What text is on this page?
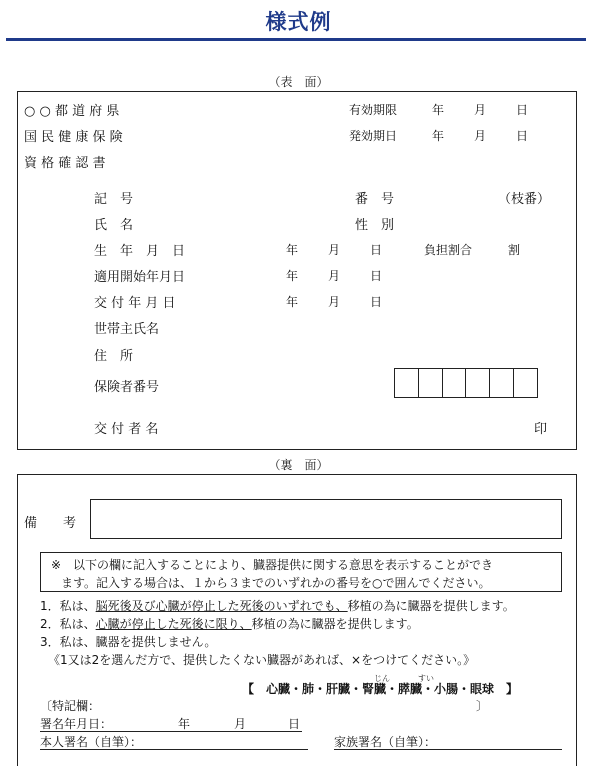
様式例
（表　面）
○ ○ 都 道 府 県
国 民 健 康 保 険
資 格 確 認 書
有効期限	年 月 日
発効期日	年 月 日
記　号	番　号	（枝番）
氏　名	性　別
生　年　月　日	年 月 日	負担割合	割
適用開始年月日	年 月 日
交 付 年 月 日	年 月 日
世帯主氏名
住　所
保険者番号
交 付 者 名	印
（裏　面）
備　　考
※　以下の欄に記入することにより、臓器提供に関する意思を表示することができ
ます。記入する場合は、１から３までのいずれかの番号を○で囲んでください。
1．私は、脳死後及び心臓が停止した死後のいずれでも、移植の為に臓器を提供します。
2．私は、心臓が停止した死後に限り、移植の為に臓器を提供します。
3．私は、臓器を提供しません。
《1又は2を選んだ方で、提供したくない臓器があれば、×をつけてください。》
じん	すい
【　心臓・肺・肝臓・腎臓・膵臓・小腸・眼球　】
〔特記欄：	〕
署名年月日：	年	月	日
本人署名（自筆）：	家族署名（自筆）：
